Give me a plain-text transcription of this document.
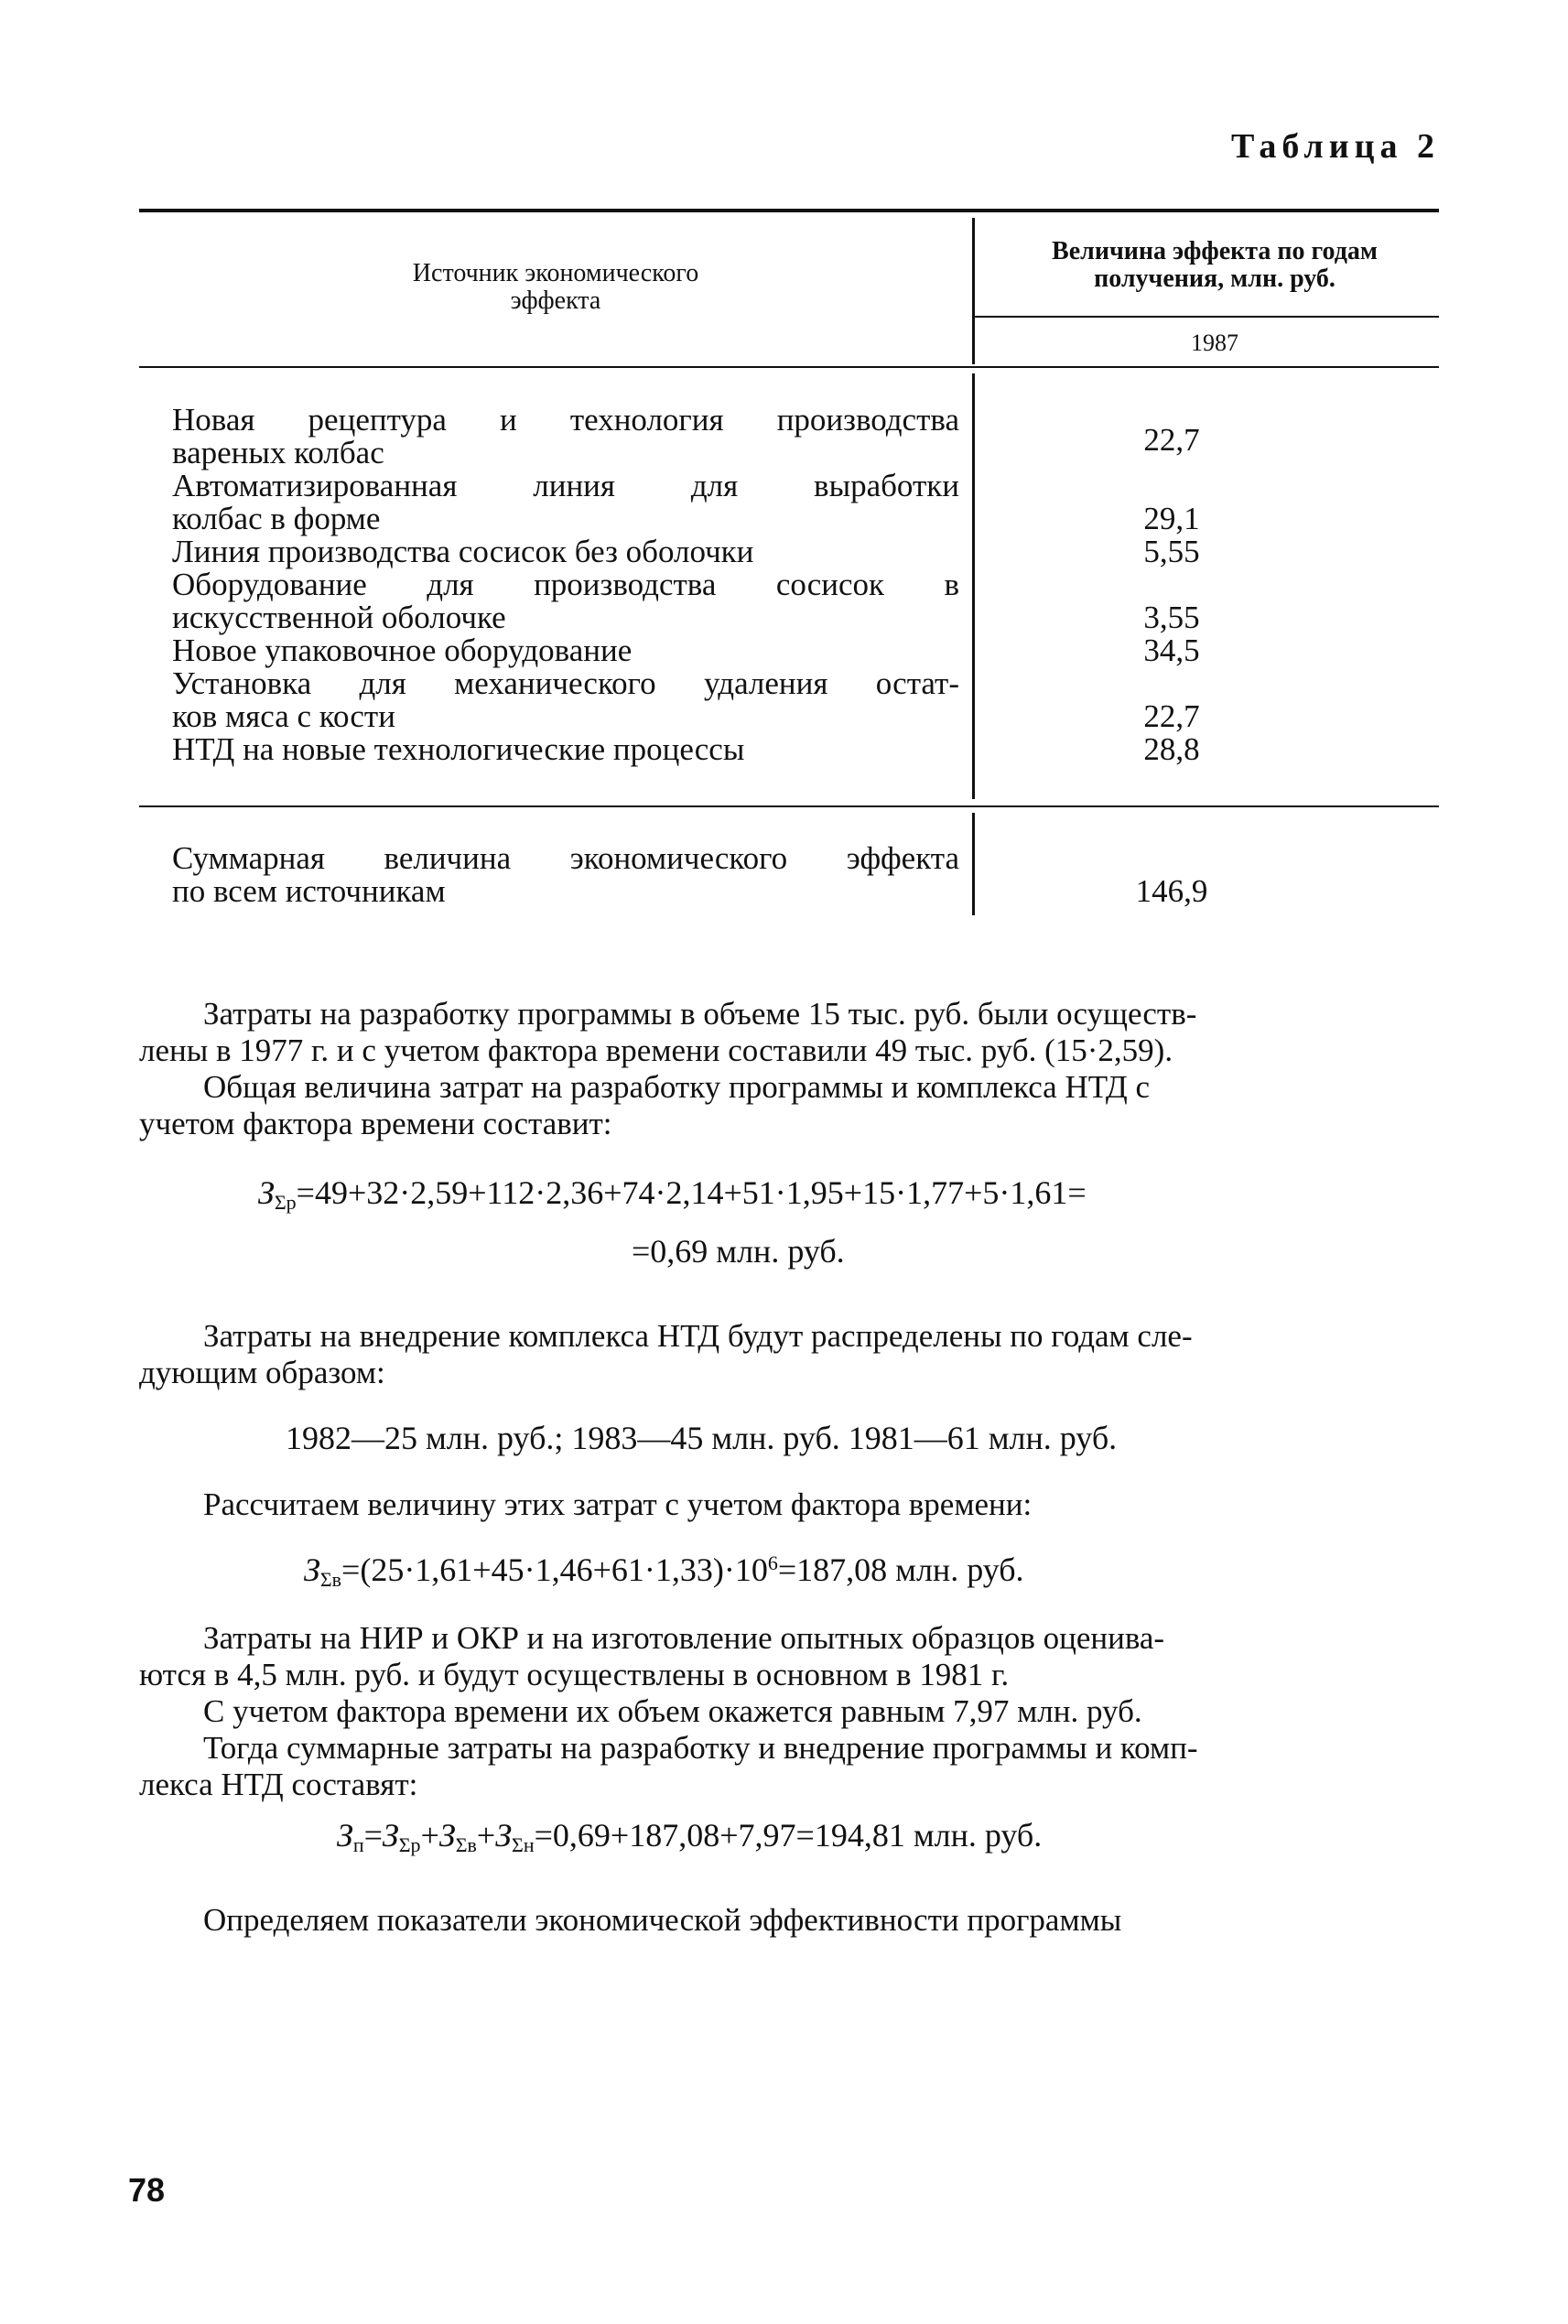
Таблица 2
Источник экономического
эффекта
Величина эффекта по годам
получения, млн. руб.
1987
Новая рецептура и технология производства
вареных колбас	22,7
Автоматизированная линия для выработки
колбас в форме	29,1
Линия производства сосисок без оболочки	5,55
Оборудование для производства сосисок в
искусственной оболочке	3,55
Новое упаковочное оборудование	34,5
Установка для механического удаления остат-
ков мяса с кости	22,7
НТД на новые технологические процессы	28,8
Суммарная величина экономического эффекта
по всем источникам	146,9
Затраты на разработку программы в объеме 15 тыс. руб. были осуществ-
лены в 1977 г. и с учетом фактора времени составили 49 тыс. руб. (15·2,59).
Общая величина затрат на разработку программы и комплекса НТД с
учетом фактора времени составит:
$З_{\Sigma р}=49+32\cdot 2,59+112\cdot 2,36+74\cdot 2,14+51\cdot 1,95+15\cdot 1,77+5\cdot 1,61=$
=0,69 млн. руб.
Затраты на внедрение комплекса НТД будут распределены по годам сле-
дующим образом:
1982—25 млн. руб.; 1983—45 млн. руб. 1981—61 млн. руб.
Рассчитаем величину этих затрат с учетом фактора времени:
$З_{\Sigma в}=(25\cdot 1,61+45\cdot 1,46+61\cdot 1,33)\cdot 10^6=187,08$ млн. руб.
Затраты на НИР и ОКР и на изготовление опытных образцов оценива-
ются в 4,5 млн. руб. и будут осуществлены в основном в 1981 г.
С учетом фактора времени их объем окажется равным 7,97 млн. руб.
Тогда суммарные затраты на разработку и внедрение программы и комп-
лекса НТД составят:
$З_п=З_{\Sigma р}+З_{\Sigma в}+З_{\Sigma н}=0,69+187,08+7,97=194,81$ млн. руб.
Определяем показатели экономической эффективности программы
78
